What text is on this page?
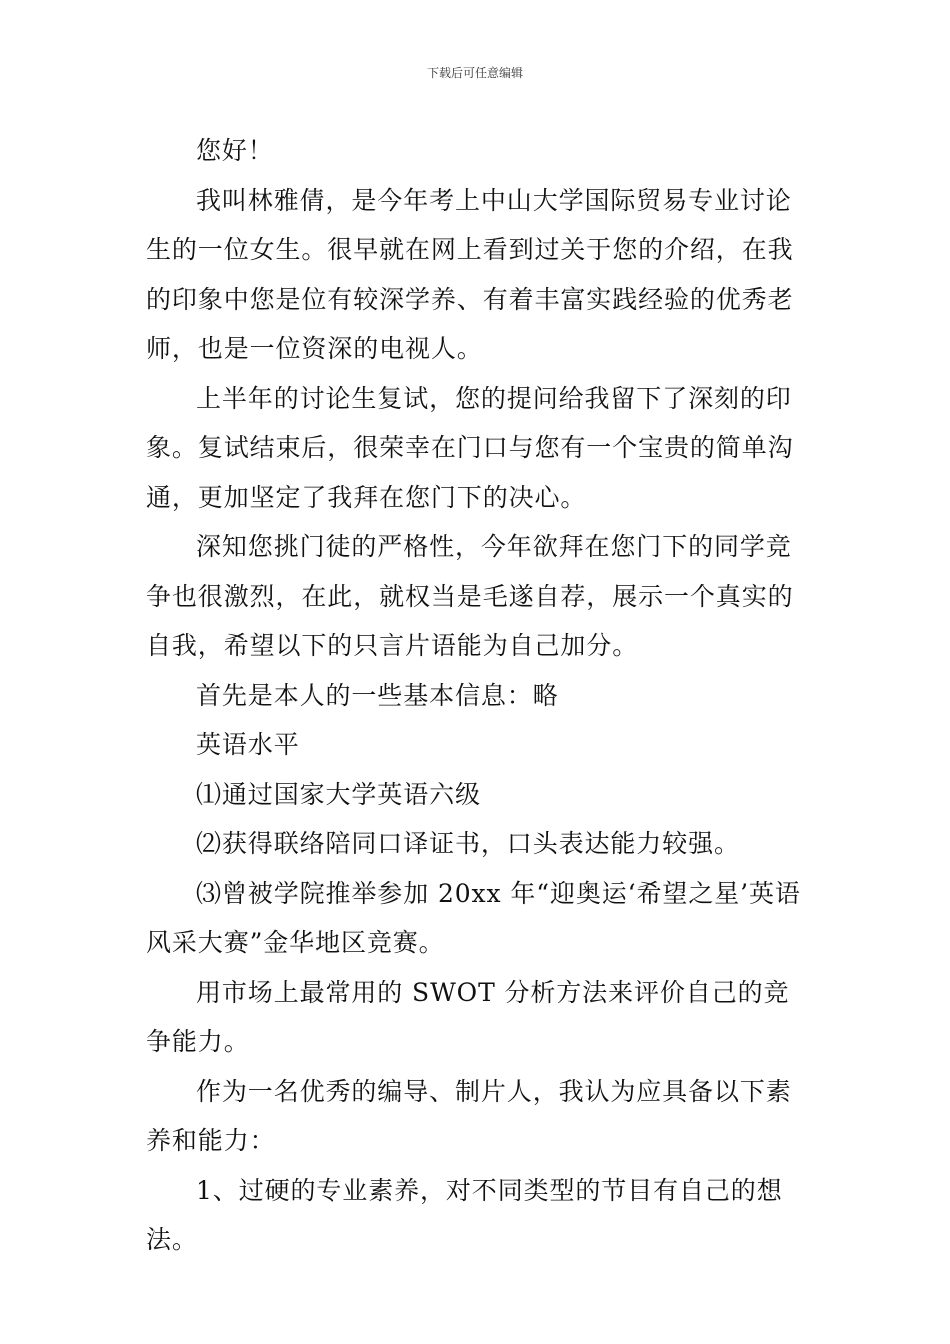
下载后可任意编辑

您好！

我叫林雅倩，是今年考上中山大学国际贸易专业讨论生的一位女生。很早就在网上看到过关于您的介绍，在我的印象中您是位有较深学养、有着丰富实践经验的优秀老师，也是一位资深的电视人。

上半年的讨论生复试，您的提问给我留下了深刻的印象。复试结束后，很荣幸在门口与您有一个宝贵的简单沟通，更加坚定了我拜在您门下的决心。

深知您挑门徒的严格性，今年欲拜在您门下的同学竞争也很激烈，在此，就权当是毛遂自荐，展示一个真实的自我，希望以下的只言片语能为自己加分。

首先是本人的一些基本信息：略

英语水平

⑴通过国家大学英语六级

⑵获得联络陪同口译证书，口头表达能力较强。

⑶曾被学院推举参加 20xx 年“迎奥运‘希望之星’英语风采大赛”金华地区竞赛。

用市场上最常用的 SWOT 分析方法来评价自己的竞争能力。

作为一名优秀的编导、制片人，我认为应具备以下素养和能力：

1、过硬的专业素养，对不同类型的节目有自己的想法。
